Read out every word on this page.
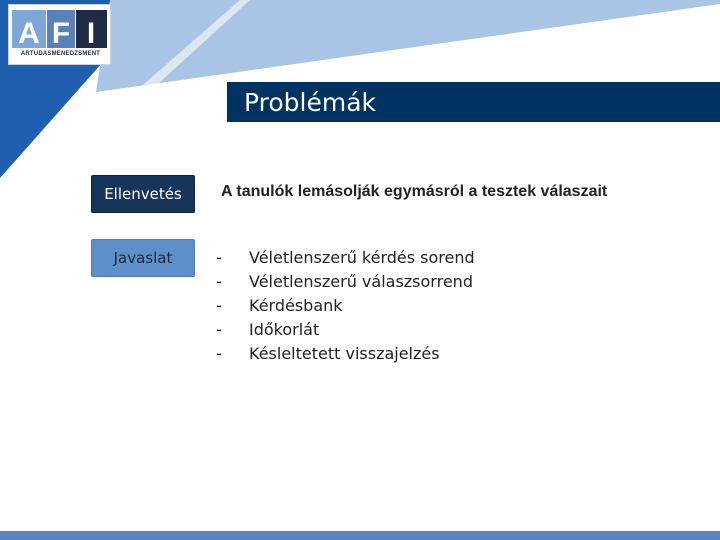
A F I
ARTUDASMENEDZSMENT
Problémák
Ellenvetés
Javaslat
A tanulók lemásolják egymásról a tesztek válaszait
-	Véletlenszerű kérdés sorend
-	Véletlenszerű válaszsorrend
-	Kérdésbank
-	Időkorlát
-	Késleltetett visszajelzés
